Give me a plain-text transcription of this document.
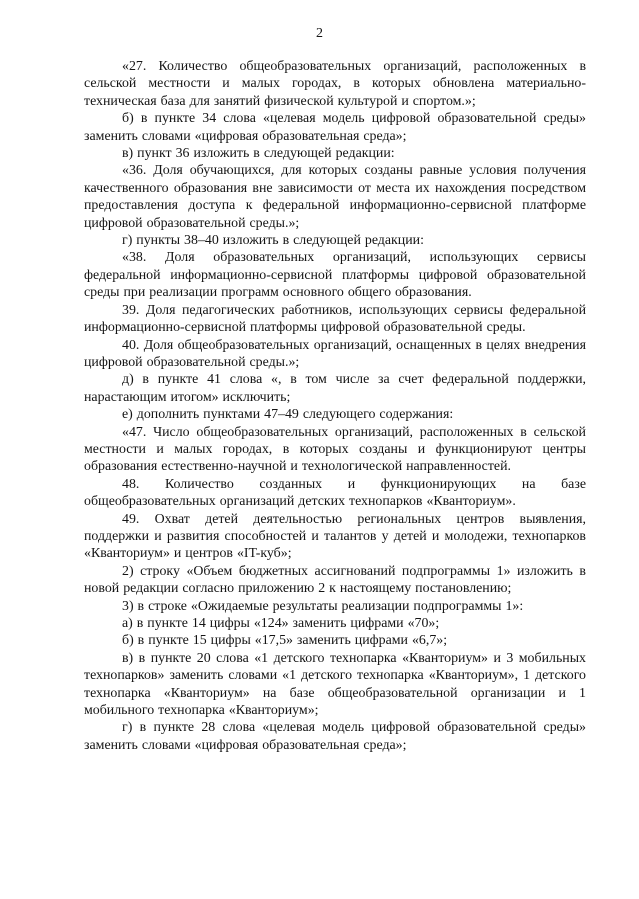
2

«27. Количество общеобразовательных организаций, расположенных в сельской местности и малых городах, в которых обновлена материально-техническая база для занятий физической культурой и спортом.»;

б) в пункте 34 слова «целевая модель цифровой образовательной среды» заменить словами «цифровая образовательная среда»;

в) пункт 36 изложить в следующей редакции:

«36. Доля обучающихся, для которых созданы равные условия получения качественного образования вне зависимости от места их нахождения посредством предоставления доступа к федеральной информационно-сервисной платформе цифровой образовательной среды.»;

г) пункты 38–40 изложить в следующей редакции:

«38. Доля образовательных организаций, использующих сервисы федеральной информационно-сервисной платформы цифровой образовательной среды при реализации программ основного общего образования.

39. Доля педагогических работников, использующих сервисы федеральной информационно-сервисной платформы цифровой образовательной среды.

40. Доля общеобразовательных организаций, оснащенных в целях внедрения цифровой образовательной среды.»;

д) в пункте 41 слова «, в том числе за счет федеральной поддержки, нарастающим итогом» исключить;

е) дополнить пунктами 47–49 следующего содержания:

«47. Число общеобразовательных организаций, расположенных в сельской местности и малых городах, в которых созданы и функционируют центры образования естественно-научной и технологической направленностей.

48. Количество созданных и функционирующих на базе общеобразовательных организаций детских технопарков «Кванториум».

49. Охват детей деятельностью региональных центров выявления, поддержки и развития способностей и талантов у детей и молодежи, технопарков «Кванториум» и центров «IT-куб»;

2) строку «Объем бюджетных ассигнований подпрограммы 1» изложить в новой редакции согласно приложению 2 к настоящему постановлению;

3) в строке «Ожидаемые результаты реализации подпрограммы 1»:

а) в пункте 14 цифры «124» заменить цифрами «70»;

б) в пункте 15 цифры «17,5» заменить цифрами «6,7»;

в) в пункте 20 слова «1 детского технопарка «Кванториум» и 3 мобильных технопарков» заменить словами «1 детского технопарка «Кванториум», 1 детского технопарка «Кванториум» на базе общеобразовательной организации и 1 мобильного технопарка «Кванториум»;

г) в пункте 28 слова «целевая модель цифровой образовательной среды» заменить словами «цифровая образовательная среда»;
